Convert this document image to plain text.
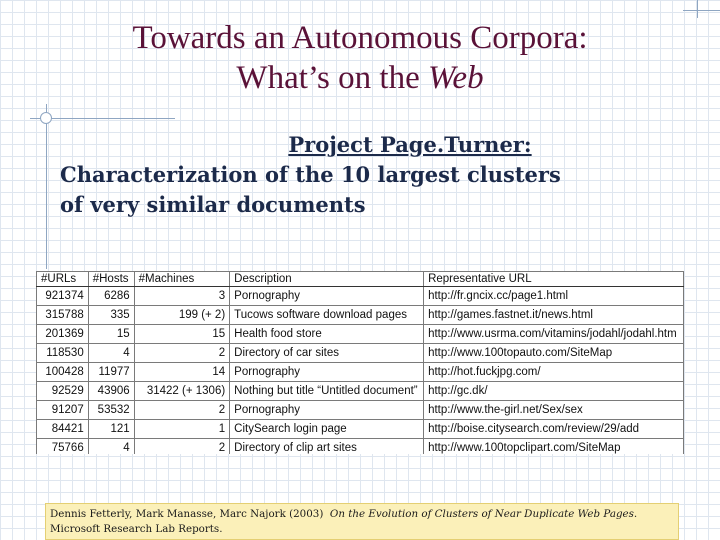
Towards an Autonomous Corpora:
What’s on the Web
Project Page.Turner:
Characterization of the 10 largest clusters
of very similar documents
#URLs	#Hosts	#Machines	Description	Representative URL
921374	6286	3	Pornography	http://fr.gncix.cc/page1.html
315788	335	199 (+ 2)	Tucows software download pages	http://games.fastnet.it/news.html
201369	15	15	Health food store	http://www.usrma.com/vitamins/jodahl/jodahl.htm
118530	4	2	Directory of car sites	http://www.100topauto.com/SiteMap
100428	11977	14	Pornography	http://hot.fuckjpg.com/
92529	43906	31422 (+ 1306)	Nothing but title “Untitled document”	http://gc.dk/
91207	53532	2	Pornography	http://www.the-girl.net/Sex/sex
84421	121	1	CitySearch login page	http://boise.citysearch.com/review/29/add
75766	4	2	Directory of clip art sites	http://www.100topclipart.com/SiteMap
Dennis Fetterly, Mark Manasse, Marc Najork (2003) On the Evolution of Clusters of Near Duplicate Web Pages.
Microsoft Research Lab Reports.
